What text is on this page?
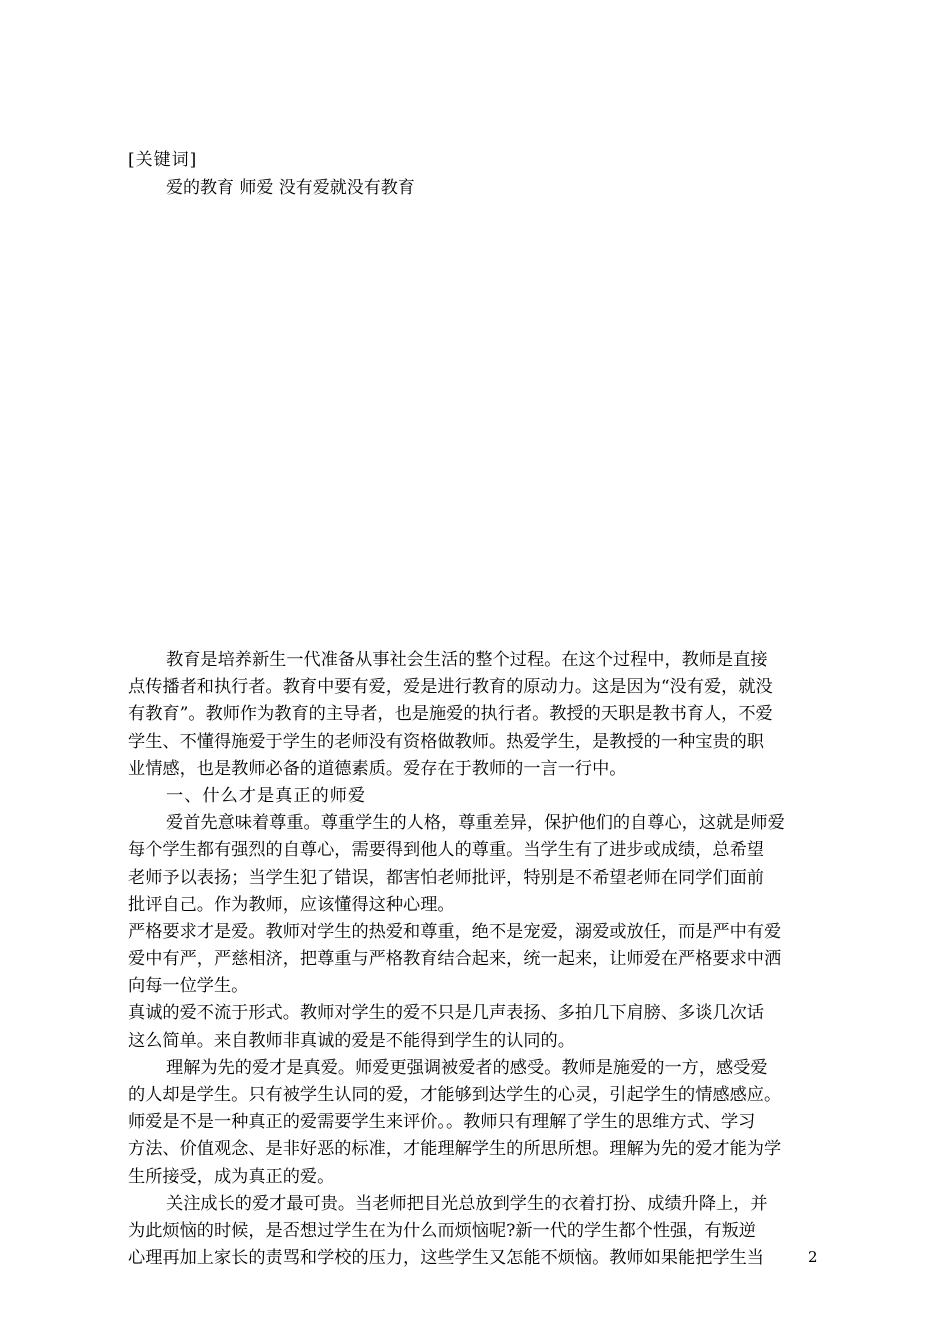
[关键词]
爱的教育 师爱 没有爱就没有教育
教育是培养新生一代准备从事社会生活的整个过程。在这个过程中，教师是直接
点传播者和执行者。教育中要有爱，爱是进行教育的原动力。这是因为“没有爱，就没
有教育”。教师作为教育的主导者，也是施爱的执行者。教授的天职是教书育人，不爱
学生、不懂得施爱于学生的老师没有资格做教师。热爱学生，是教授的一种宝贵的职
业情感，也是教师必备的道德素质。爱存在于教师的一言一行中。
一、什么才是真正的师爱
爱首先意味着尊重。尊重学生的人格，尊重差异，保护他们的自尊心，这就是师爱
每个学生都有强烈的自尊心，需要得到他人的尊重。当学生有了进步或成绩，总希望
老师予以表扬；当学生犯了错误，都害怕老师批评，特别是不希望老师在同学们面前
批评自己。作为教师，应该懂得这种心理。
严格要求才是爱。教师对学生的热爱和尊重，绝不是宠爱，溺爱或放任，而是严中有爱
爱中有严，严慈相济，把尊重与严格教育结合起来，统一起来，让师爱在严格要求中洒
向每一位学生。
真诚的爱不流于形式。教师对学生的爱不只是几声表扬、多拍几下肩膀、多谈几次话
这么简单。来自教师非真诚的爱是不能得到学生的认同的。
理解为先的爱才是真爱。师爱更强调被爱者的感受。教师是施爱的一方，感受爱
的人却是学生。只有被学生认同的爱，才能够到达学生的心灵，引起学生的情感感应。
师爱是不是一种真正的爱需要学生来评价。。教师只有理解了学生的思维方式、学习
方法、价值观念、是非好恶的标准，才能理解学生的所思所想。理解为先的爱才能为学
生所接受，成为真正的爱。
关注成长的爱才最可贵。当老师把目光总放到学生的衣着打扮、成绩升降上，并
为此烦恼的时候，是否想过学生在为什么而烦恼呢?新一代的学生都个性强，有叛逆
心理再加上家长的责骂和学校的压力，这些学生又怎能不烦恼。教师如果能把学生当	2
